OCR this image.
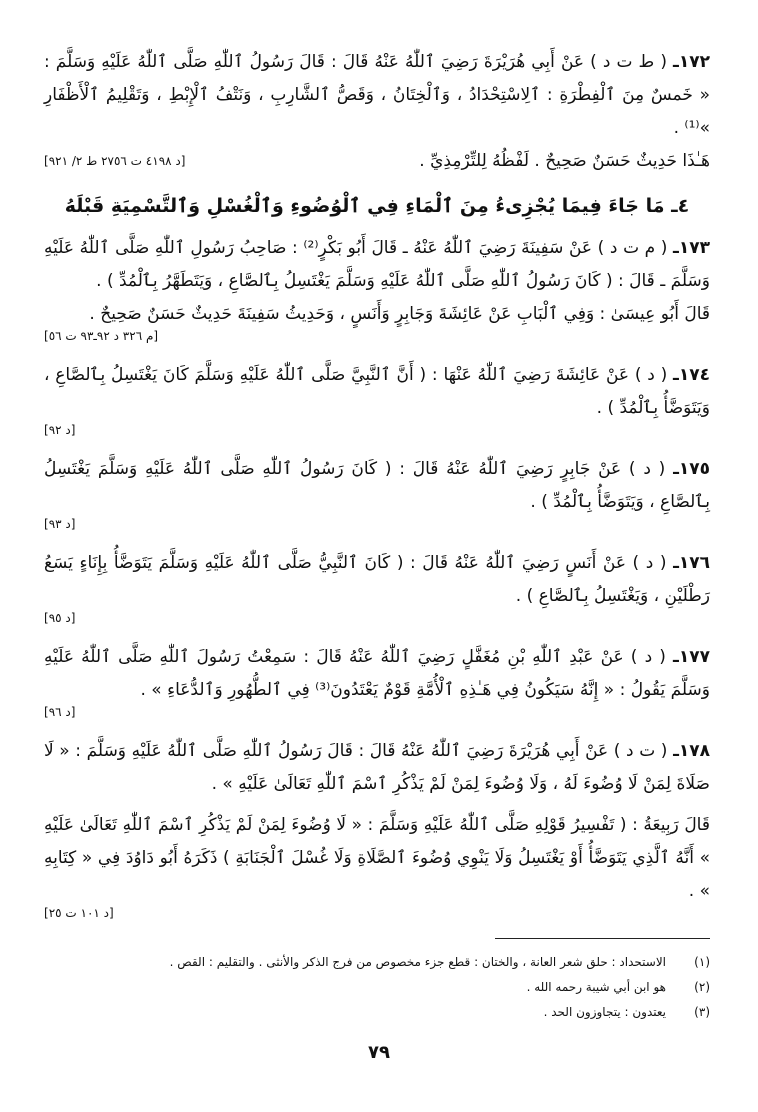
١٧٢ـ ( ط ت د ) عَنْ أَبِي هُرَيْرَةَ رَضِيَ ٱللّٰهُ عَنْهُ قَالَ : قَالَ رَسُولُ ٱللّٰهِ صَلَّى ٱللّٰهُ عَلَيْهِ وَسَلَّمَ : « خَمسٌ مِنَ ٱلْفِطْرَةِ : ٱلِاسْتِحْدَادُ ، وَٱلْخِتَانُ ، وَقَصُّ ٱلشَّارِبِ ، وَنَتْفُ ٱلْإِبْطِ ، وَتَقْلِيمُ ٱلْأَظْفَارِ »⁽¹⁾ .

هَـٰذَا حَدِيثٌ حَسَنٌ صَحِيحٌ . لَفْظُهُ لِلتِّرْمِذِيِّ .
[د ٤١٩٨ ت ٢٧٥٦ ط ٢/ ٩٢١]

٤ـ مَا جَاءَ فِيمَا يُجْزِىءُ مِنَ ٱلْمَاءِ فِي ٱلْوُضُوءِ وَٱلْغُسْلِ وَٱلتَّسْمِيَةِ قَبْلَهُ
١٧٣ـ ( م ت د ) عَنْ سَفِينَةَ رَضِيَ ٱللّٰهُ عَنْهُ ـ قَالَ أَبُو بَكْرٍ⁽²⁾ : صَاحِبُ رَسُولِ ٱللّٰهِ صَلَّى ٱللّٰهُ عَلَيْهِ وَسَلَّمَ ـ قَالَ : ( كَانَ رَسُولُ ٱللّٰهِ صَلَّى ٱللّٰهُ عَلَيْهِ وَسَلَّمَ يَغْتَسِلُ بِٱلصَّاعِ ، وَيَتَطَهَّرُ بِٱلْمُدِّ ) .
قَالَ أَبُو عِيسَىٰ : وَفِي ٱلْبَابِ عَنْ عَائِشَةَ وَجَابِرٍ وَأَنَسٍ ، وَحَدِيثُ سَفِينَةَ حَدِيثٌ حَسَنٌ صَحِيحٌ .
[م ٣٢٦ د ٩٢ـ٩٣ ت ٥٦]
١٧٤ـ ( د ) عَنْ عَائِشَةَ رَضِيَ ٱللّٰهُ عَنْهَا : ( أَنَّ ٱلنَّبِيَّ صَلَّى ٱللّٰهُ عَلَيْهِ وَسَلَّمَ كَانَ يَغْتَسِلُ بِٱلصَّاعِ ، وَيَتَوَضَّأُ بِٱلْمُدِّ ) .
[د ٩٢]
١٧٥ـ ( د ) عَنْ جَابِرٍ رَضِيَ ٱللّٰهُ عَنْهُ قَالَ : ( كَانَ رَسُولُ ٱللّٰهِ صَلَّى ٱللّٰهُ عَلَيْهِ وَسَلَّمَ يَغْتَسِلُ بِٱلصَّاعِ ، وَيَتَوَضَّأُ بِٱلْمُدِّ ) .
[د ٩٣]
١٧٦ـ ( د ) عَنْ أَنَسٍ رَضِيَ ٱللّٰهُ عَنْهُ قَالَ : ( كَانَ ٱلنَّبِيُّ صَلَّى ٱللّٰهُ عَلَيْهِ وَسَلَّمَ يَتَوَضَّأُ بِإِنَاءٍ يَسَعُ رَطْلَيْنِ ، وَيَغْتَسِلُ بِٱلصَّاعِ ) .
[د ٩٥]
١٧٧ـ ( د ) عَنْ عَبْدِ ٱللّٰهِ بْنِ مُغَفَّلٍ رَضِيَ ٱللّٰهُ عَنْهُ قَالَ : سَمِعْتُ رَسُولَ ٱللّٰهِ صَلَّى ٱللّٰهُ عَلَيْهِ وَسَلَّمَ يَقُولُ : « إِنَّهُ سَيَكُونُ فِي هَـٰذِهِ ٱلْأُمَّةِ قَوْمٌ يَعْتَدُونَ⁽³⁾ فِي ٱلطُّهُورِ وَٱلدُّعَاءِ » .
[د ٩٦]
١٧٨ـ ( ت د ) عَنْ أَبِي هُرَيْرَةَ رَضِيَ ٱللّٰهُ عَنْهُ قَالَ : قَالَ رَسُولُ ٱللّٰهِ صَلَّى ٱللّٰهُ عَلَيْهِ وَسَلَّمَ : « لَا صَلَاةَ لِمَنْ لَا وُضُوءَ لَهُ ، وَلَا وُضُوءَ لِمَنْ لَمْ يَذْكُرِ ٱسْمَ ٱللّٰهِ تَعَالَىٰ عَلَيْهِ » .
قَالَ رَبِيعَةُ : ( تَفْسِيرُ قَوْلِهِ صَلَّى ٱللّٰهُ عَلَيْهِ وَسَلَّمَ : « لَا وُضُوءَ لِمَنْ لَمْ يَذْكُرِ ٱسْمَ ٱللّٰهِ تَعَالَىٰ عَلَيْهِ » أَنَّهُ ٱلَّذِي يَتَوَضَّأُ أَوْ يَغْتَسِلُ وَلَا يَنْوِي وُضُوءَ ٱلصَّلَاةِ وَلَا غُسْلَ ٱلْجَنَابَةِ ) ذَكَرَهُ أَبُو دَاوُدَ فِي « كِتَابِهِ » .
[د ١٠١ ت ٢٥]
(١)
الاستحداد : حلق شعر العانة ، والختان : قطع جزء مخصوص من فرج الذكر والأنثى . والتقليم : القص .
(٢)
هو ابن أبي شيبة رحمه الله .
(٣)
يعتدون : يتجاوزون الحد .
٧٩
